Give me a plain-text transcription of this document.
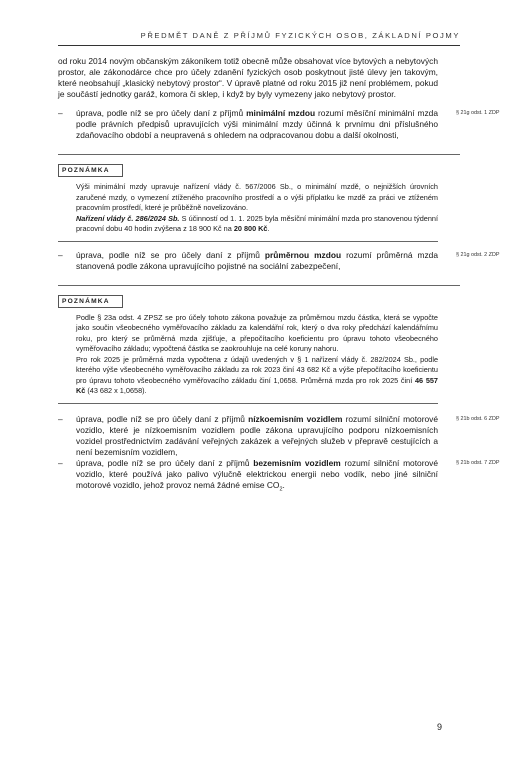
PŘEDMĚT DANĚ Z PŘÍJMŮ FYZICKÝCH OSOB, ZÁKLADNÍ POJMY

od roku 2014 novým občanským zákoníkem totiž obecně může obsahovat více bytových a nebytových prostor, ale zákonodárce chce pro účely zdanění fyzických osob poskytnout jisté úlevy jen takovým, které neobsahují „klasický nebytový prostor“. V úpravě platné od roku 2015 již není problémem, pokud je součástí jednotky garáž, komora či sklep, i když by byly vymezeny jako nebytový prostor.

– úprava, podle níž se pro účely daní z příjmů minimální mzdou rozumí měsíční minimální mzda podle právních předpisů upravujících výši minimální mzdy účinná k prvnímu dni příslušného zdaňovacího období a neupravená s ohledem na odpracovanou dobu a další okolnosti,

§ 21g odst. 1 ZDP
POZNÁMKA

Výši minimální mzdy upravuje nařízení vlády č. 567/2006 Sb., o minimální mzdě, o nejnižších úrovních zaručené mzdy, o vymezení ztíženého pracovního prostředí a o výši příplatku ke mzdě za práci ve ztíženém pracovním prostředí, které je průběžně novelizováno.

Nařízení vlády č. 286/2024 Sb. S účinností od 1. 1. 2025 byla měsíční minimální mzda pro stanovenou týdenní pracovní dobu 40 hodin zvýšena z 18 900 Kč na 20 800 Kč.

– úprava, podle níž se pro účely daní z příjmů průměrnou mzdou rozumí průměrná mzda stanovená podle zákona upravujícího pojistné na sociální zabezpečení,

§ 21g odst. 2 ZDP
POZNÁMKA

Podle § 23a odst. 4 ZPSZ se pro účely tohoto zákona považuje za průměrnou mzdu částka, která se vypočte jako součin všeobecného vyměřovacího základu za kalendářní rok, který o dva roky předchází kalendářnímu roku, pro který se průměrná mzda zjišťuje, a přepočítacího koeficientu pro úpravu tohoto všeobecného vyměřovacího základu; vypočtená částka se zaokrouhluje na celé koruny nahoru.

Pro rok 2025 je průměrná mzda vypočtena z údajů uvedených v § 1 nařízení vlády č. 282/2024 Sb., podle kterého výše všeobecného vyměřovacího základu za rok 2023 činí 43 682 Kč a výše přepočítacího koeficientu pro úpravu tohoto všeobecného vyměřovacího základu činí 1,0658. Průměrná mzda pro rok 2025 činí 46 557 Kč (43 682 x 1,0658).

– úprava, podle níž se pro účely daní z příjmů nízkoemisním vozidlem rozumí silniční motorové vozidlo, které je nízkoemisním vozidlem podle zákona upravujícího podporu nízkoemisních vozidel prostřednictvím zadávání veřejných zakázek a veřejných služeb v přepravě cestujících a není bezemisním vozidlem,

§ 21b odst. 6 ZDP
– úprava, podle níž se pro účely daní z příjmů bezemisním vozidlem rozumí silniční motorové vozidlo, které používá jako palivo výlučně elektrickou energii nebo vodík, nebo jiné silniční motorové vozidlo, jehož provoz nemá žádné emise $CO_2$.

§ 21b odst. 7 ZDP
9
